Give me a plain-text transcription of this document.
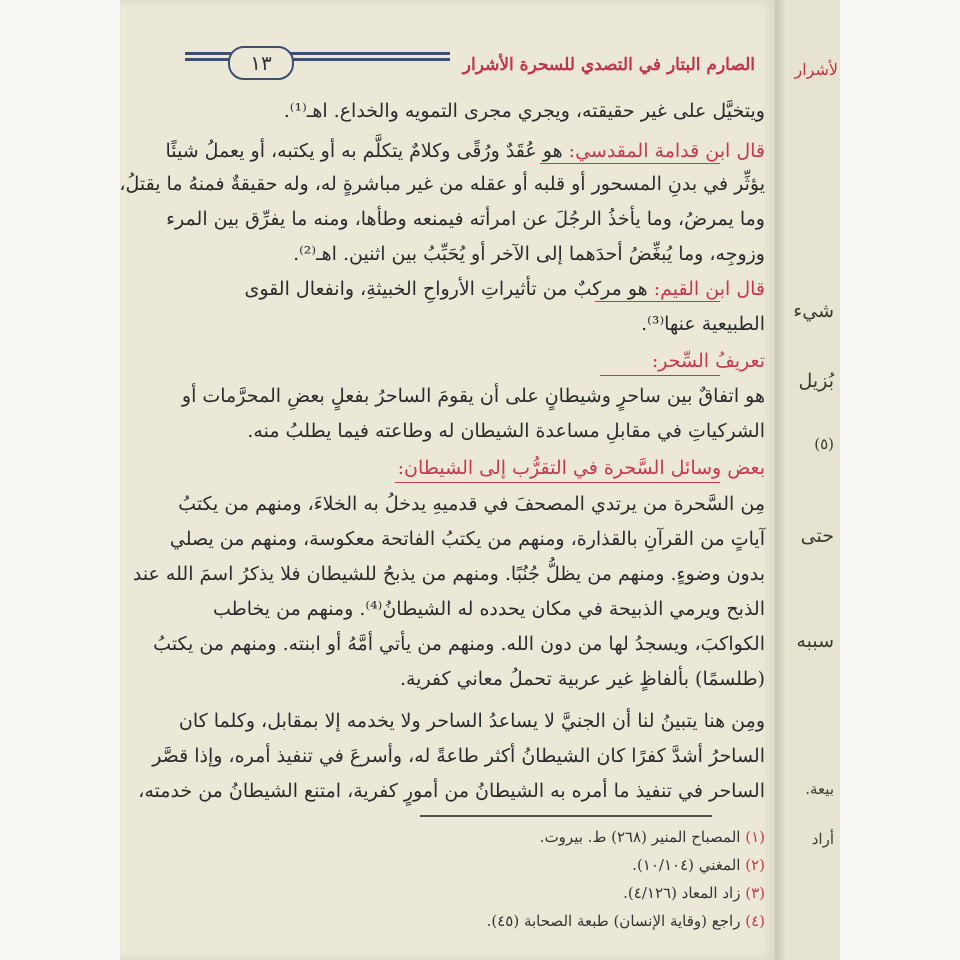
لأشرار
شيء
بُزيل
(٥)
حتى
سببه
بيعة.
أراد
١٣	الصارم البتار في التصدي للسحرة الأشرار
ويتخيَّل على غير حقيقته، ويجري مجرى التمويه والخداع. اهـ⁽¹⁾.
قال ابن قدامة المقدسي: هو عُقَدٌ ورُقًى وكلامٌ يتكلَّم به أو يكتبه، أو يعملُ شيئًا
يؤثِّر في بدنِ المسحور أو قلبه أو عقله من غير مباشرةٍ له، وله حقيقةٌ فمنهُ ما يقتلُ،
وما يمرضُ، وما يأخذُ الرجُلَ عن امرأته فيمنعه وطأها، ومنه ما يفرِّق بين المرء
وزوجِه، وما يُبغِّضُ أحدَهما إلى الآخر أو يُحَبِّبُ بين اثنين. اهـ⁽²⁾.
قال ابن القيم: هو مركبٌ من تأثيراتِ الأرواحِ الخبيثةِ، وانفعال القوى
الطبيعية عنها⁽³⁾.
تعريفُ السِّحر:
هو اتفاقٌ بين ساحرٍ وشيطانٍ على أن يقومَ الساحرُ بفعلٍ بعضِ المحرَّمات أو
الشركياتِ في مقابلِ مساعدة الشيطان له وطاعته فيما يطلبُ منه.
بعض وسائل السَّحرة في التقرُّب إلى الشيطان:
مِن السَّحرة من يرتدي المصحفَ في قدميهِ يدخلُ به الخلاءَ، ومنهم من يكتبُ
آياتٍ من القرآنِ بالقذارة، ومنهم من يكتبُ الفاتحة معكوسة، ومنهم من يصلي
بدون وضوءٍ. ومنهم من يظلُّ جُنُبًا. ومنهم من يذبحُ للشيطان فلا يذكرُ اسمَ الله عند
الذبح ويرمي الذبيحة في مكان يحدده له الشيطانُ⁽⁴⁾. ومنهم من يخاطب
الكواكبَ، ويسجدُ لها من دون الله. ومنهم من يأتي أمَّهُ أو ابنته. ومنهم من يكتبُ
(طلسمًا) بألفاظٍ غير عربية تحملُ معاني كفرية.
ومِن هنا يتبينُ لنا أن الجنيَّ لا يساعدُ الساحر ولا يخدمه إلا بمقابل، وكلما كان
الساحرُ أشدَّ كفرًا كان الشيطانُ أكثر طاعةً له، وأسرعَ في تنفيذ أمره، وإذا قصَّر
الساحر في تنفيذ ما أمره به الشيطانُ من أمورٍ كفرية، امتنع الشيطانُ من خدمته،
(١) المصباح المنير (٢٦٨) ط. بيروت.
(٢) المغني (١٠/١٠٤).
(٣) زاد المعاد (٤/١٢٦).
(٤) راجع (وقاية الإنسان) طبعة الصحابة (٤٥).
